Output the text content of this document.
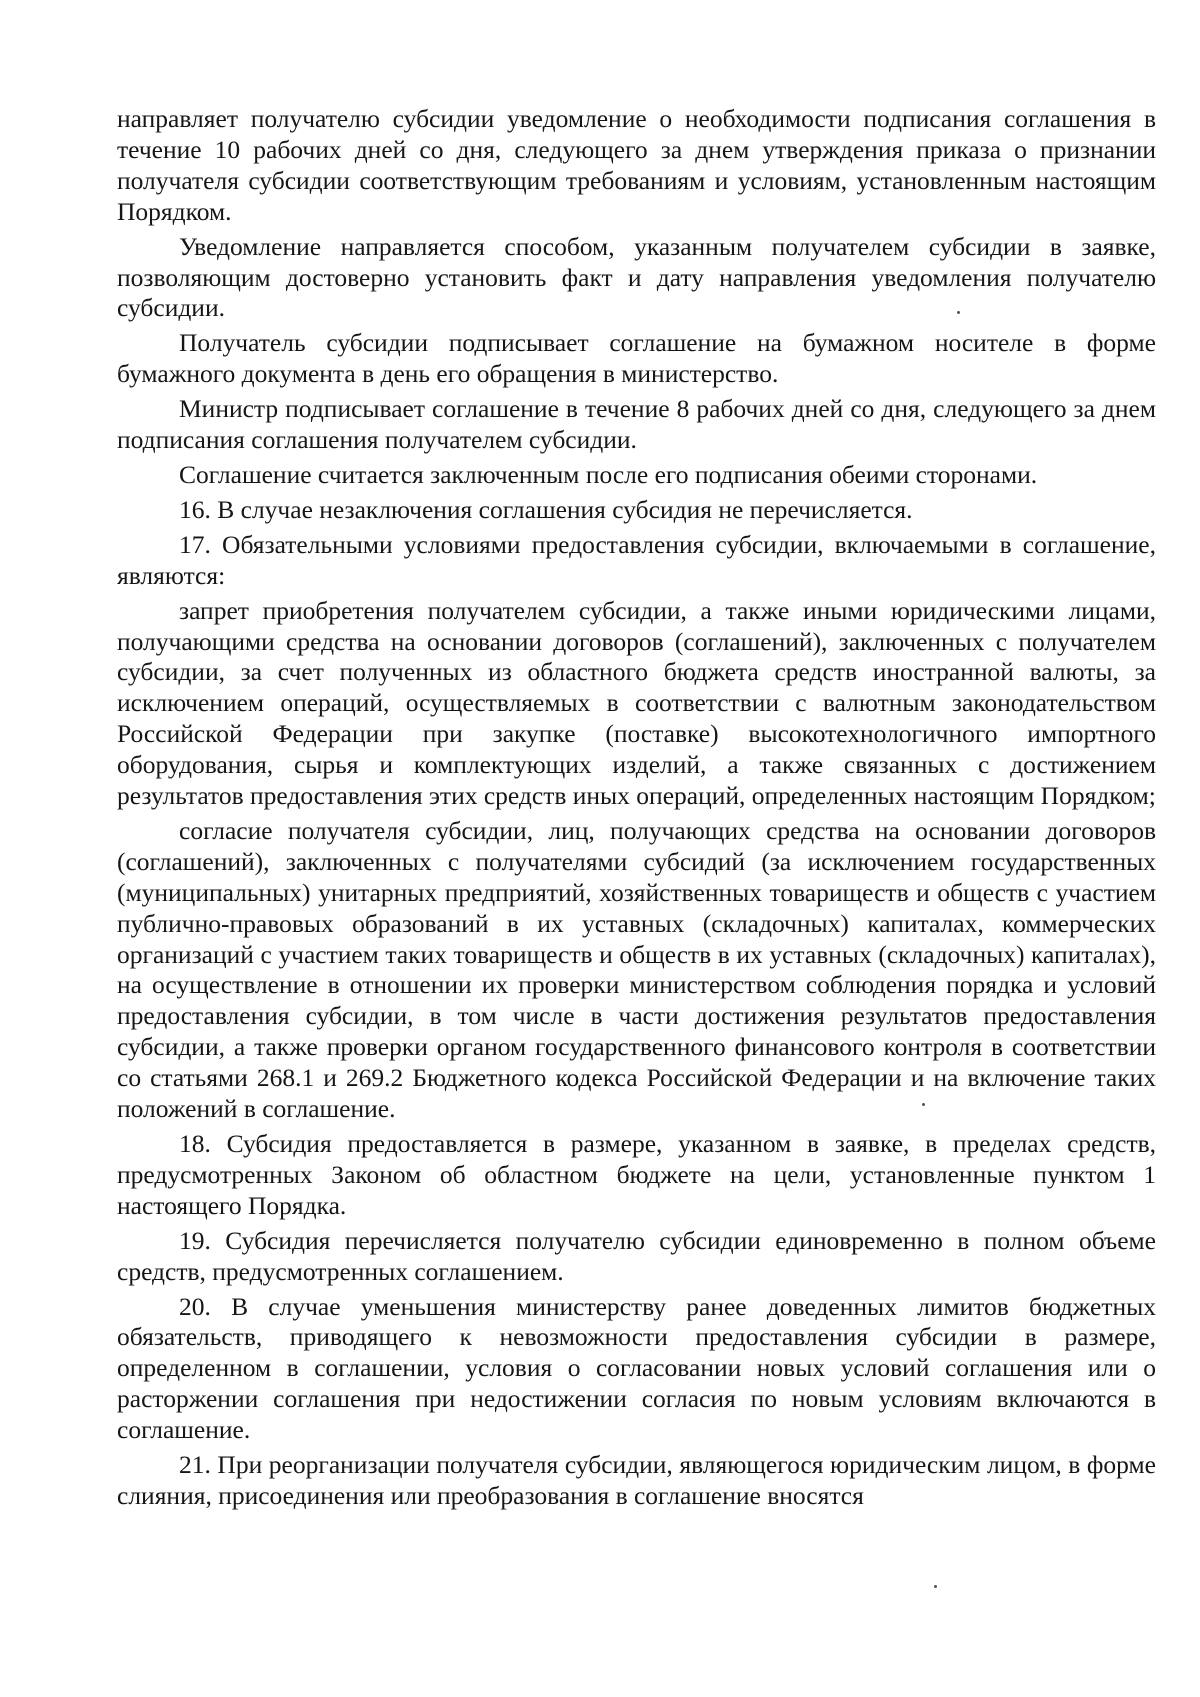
направляет получателю субсидии уведомление о необходимости подписания соглашения в течение 10 рабочих дней со дня, следующего за днем утверждения приказа о признании получателя субсидии соответствующим требованиям и условиям, установленным настоящим Порядком.

Уведомление направляется способом, указанным получателем субсидии в заявке, позволяющим достоверно установить факт и дату направления уведомления получателю субсидии.

Получатель субсидии подписывает соглашение на бумажном носителе в форме бумажного документа в день его обращения в министерство.

Министр подписывает соглашение в течение 8 рабочих дней со дня, следующего за днем подписания соглашения получателем субсидии.

Соглашение считается заключенным после его подписания обеими сторонами.

16. В случае незаключения соглашения субсидия не перечисляется.

17. Обязательными условиями предоставления субсидии, включаемыми в соглашение, являются:

запрет приобретения получателем субсидии, а также иными юридическими лицами, получающими средства на основании договоров (соглашений), заключенных с получателем субсидии, за счет полученных из областного бюджета средств иностранной валюты, за исключением операций, осуществляемых в соответствии с валютным законодательством Российской Федерации при закупке (поставке) высокотехнологичного импортного оборудования, сырья и комплектующих изделий, а также связанных с достижением результатов предоставления этих средств иных операций, определенных настоящим Порядком;

согласие получателя субсидии, лиц, получающих средства на основании договоров (соглашений), заключенных с получателями субсидий (за исключением государственных (муниципальных) унитарных предприятий, хозяйственных товариществ и обществ с участием публично-правовых образований в их уставных (складочных) капиталах, коммерческих организаций с участием таких товариществ и обществ в их уставных (складочных) капиталах), на осуществление в отношении их проверки министерством соблюдения порядка и условий предоставления субсидии, в том числе в части достижения результатов предоставления субсидии, а также проверки органом государственного финансового контроля в соответствии со статьями 268.1 и 269.2 Бюджетного кодекса Российской Федерации и на включение таких положений в соглашение.

18. Субсидия предоставляется в размере, указанном в заявке, в пределах средств, предусмотренных Законом об областном бюджете на цели, установленные пунктом 1 настоящего Порядка.

19. Субсидия перечисляется получателю субсидии единовременно в полном объеме средств, предусмотренных соглашением.

20. В случае уменьшения министерству ранее доведенных лимитов бюджетных обязательств, приводящего к невозможности предоставления субсидии в размере, определенном в соглашении, условия о согласовании новых условий соглашения или о расторжении соглашения при недостижении согласия по новым условиям включаются в соглашение.

21. При реорганизации получателя субсидии, являющегося юридическим лицом, в форме слияния, присоединения или преобразования в соглашение вносятся
